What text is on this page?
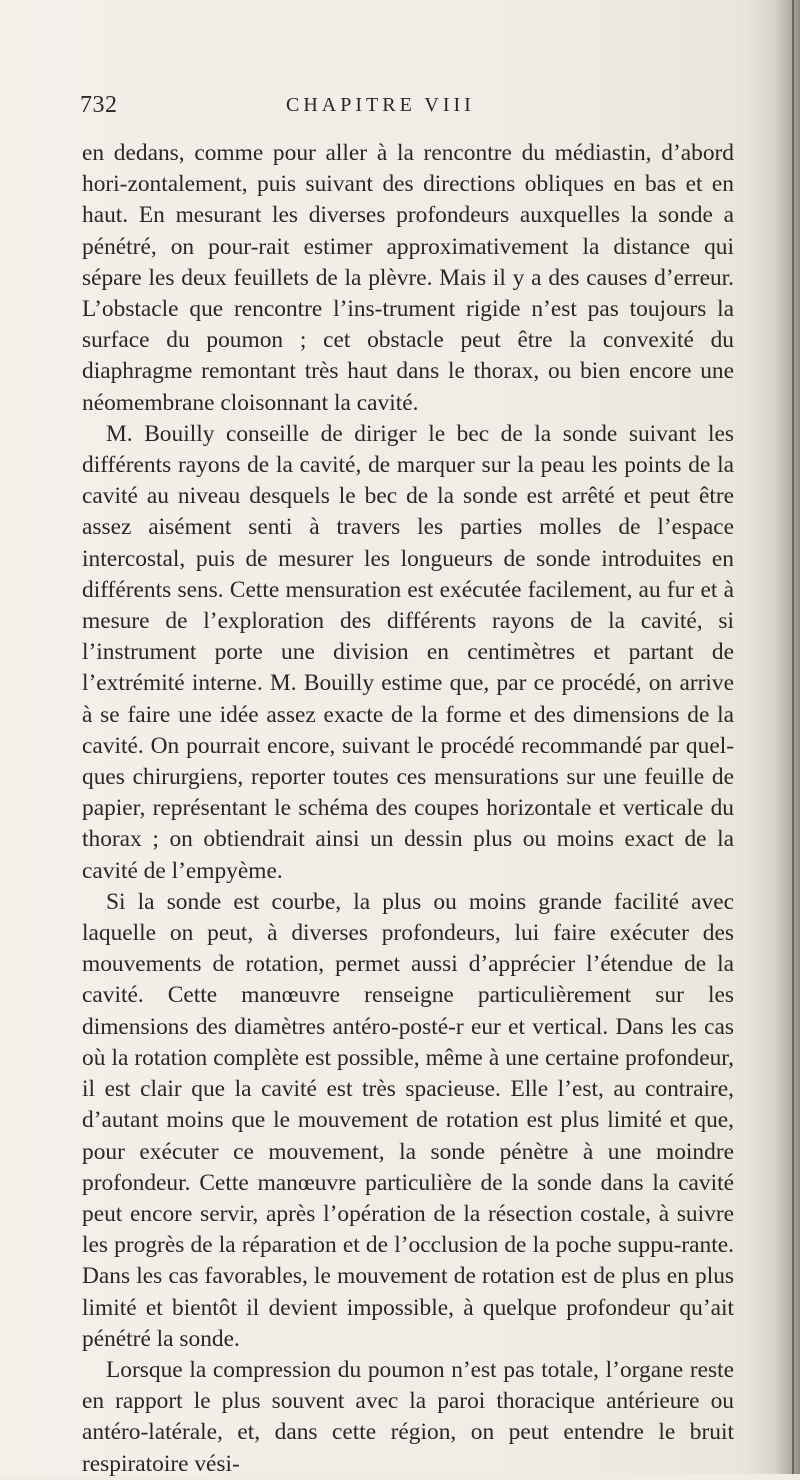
732	CHAPITRE VIII

en dedans, comme pour aller à la rencontre du médiastin, d’abord hori-zontalement, puis suivant des directions obliques en bas et en haut. En mesurant les diverses profondeurs auxquelles la sonde a pénétré, on pour-rait estimer approximativement la distance qui sépare les deux feuillets de la plèvre. Mais il y a des causes d’erreur. L’obstacle que rencontre l’ins-trument rigide n’est pas toujours la surface du poumon ; cet obstacle peut être la convexité du diaphragme remontant très haut dans le thorax, ou bien encore une néomembrane cloisonnant la cavité.

M. Bouilly conseille de diriger le bec de la sonde suivant les différents rayons de la cavité, de marquer sur la peau les points de la cavité au niveau desquels le bec de la sonde est arrêté et peut être assez aisément senti à travers les parties molles de l’espace intercostal, puis de mesurer les longueurs de sonde introduites en différents sens. Cette mensuration est exécutée facilement, au fur et à mesure de l’exploration des différents rayons de la cavité, si l’instrument porte une division en centimètres et partant de l’extrémité interne. M. Bouilly estime que, par ce procédé, on arrive à se faire une idée assez exacte de la forme et des dimensions de la cavité. On pourrait encore, suivant le procédé recommandé par quel-ques chirurgiens, reporter toutes ces mensurations sur une feuille de papier, représentant le schéma des coupes horizontale et verticale du thorax ; on obtiendrait ainsi un dessin plus ou moins exact de la cavité de l’empyème.

Si la sonde est courbe, la plus ou moins grande facilité avec laquelle on peut, à diverses profondeurs, lui faire exécuter des mouvements de rotation, permet aussi d’apprécier l’étendue de la cavité. Cette manœuvre renseigne particulièrement sur les dimensions des diamètres antéro-posté-r eur et vertical. Dans les cas où la rotation complète est possible, même à une certaine profondeur, il est clair que la cavité est très spacieuse. Elle l’est, au contraire, d’autant moins que le mouvement de rotation est plus limité et que, pour exécuter ce mouvement, la sonde pénètre à une moindre profondeur. Cette manœuvre particulière de la sonde dans la cavité peut encore servir, après l’opération de la résection costale, à suivre les progrès de la réparation et de l’occlusion de la poche suppu-rante. Dans les cas favorables, le mouvement de rotation est de plus en plus limité et bientôt il devient impossible, à quelque profondeur qu’ait pénétré la sonde.

Lorsque la compression du poumon n’est pas totale, l’organe reste en rapport le plus souvent avec la paroi thoracique antérieure ou antéro-latérale, et, dans cette région, on peut entendre le bruit respiratoire vési-
